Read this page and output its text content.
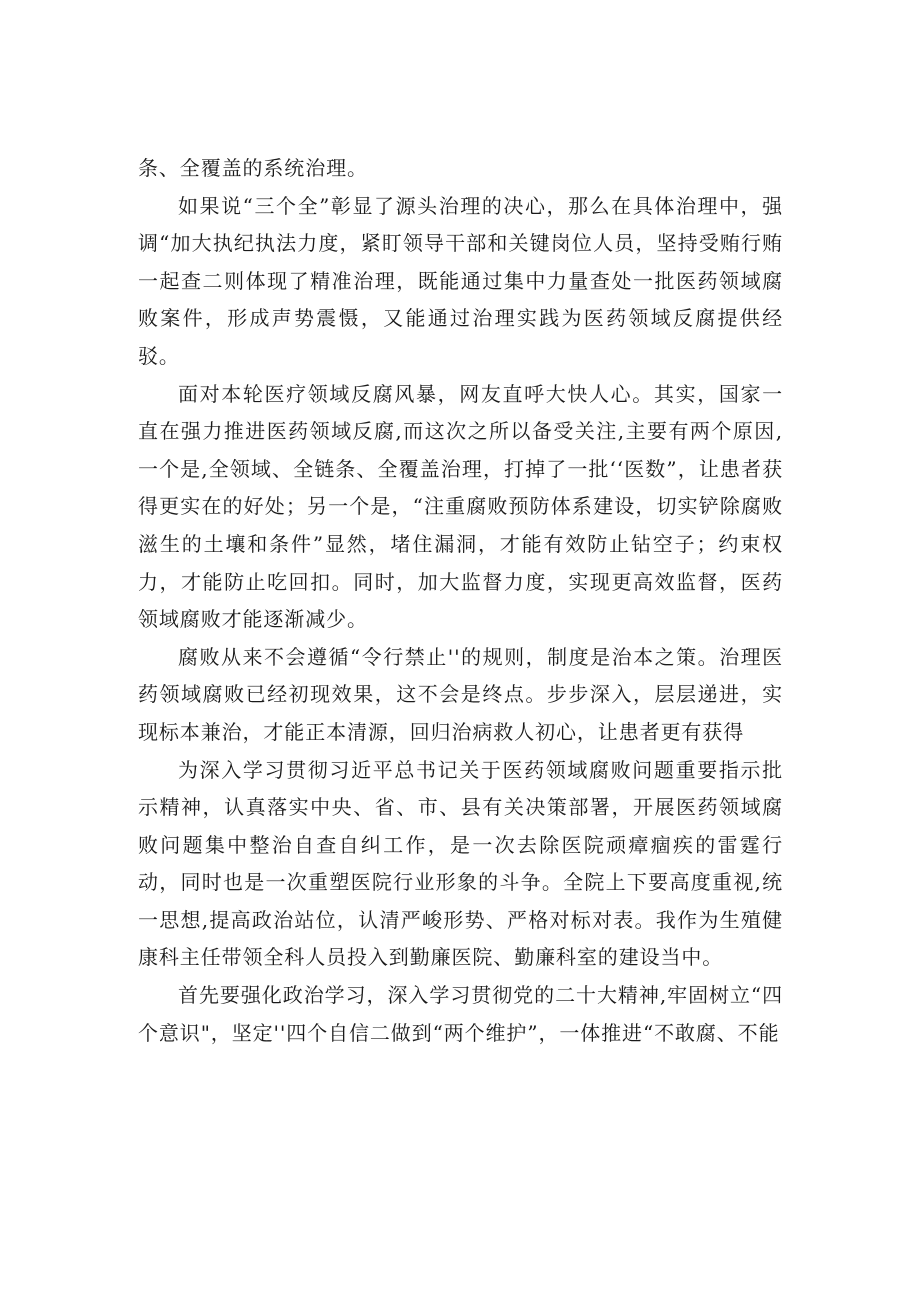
条、全覆盖的系统治理。

如果说“三个全”彰显了源头治理的决心，那么在具体治理中，强调“加大执纪执法力度，紧盯领导干部和关键岗位人员，坚持受贿行贿一起查二则体现了精准治理，既能通过集中力量查处一批医药领域腐败案件，形成声势震慑，又能通过治理实践为医药领域反腐提供经驳。

面对本轮医疗领域反腐风暴，网友直呼大快人心。其实，国家一直在强力推进医药领域反腐,而这次之所以备受关注,主要有两个原因,一个是,全领域、全链条、全覆盖治理，打掉了一批‘‘医数”，让患者获得更实在的好处；另一个是，“注重腐败预防体系建设，切实铲除腐败滋生的土壤和条件”显然，堵住漏洞，才能有效防止钻空子；约束权力，才能防止吃回扣。同时，加大监督力度，实现更高效监督，医药领域腐败才能逐渐减少。

腐败从来不会遵循“令行禁止''的规则，制度是治本之策。治理医药领域腐败已经初现效果，这不会是终点。步步深入，层层递进，实现标本兼治，才能正本清源，回归治病救人初心，让患者更有获得

为深入学习贯彻习近平总书记关于医药领域腐败问题重要指示批示精神，认真落实中央、省、市、县有关决策部署，开展医药领域腐败问题集中整治自查自纠工作，是一次去除医院顽瘴痼疾的雷霆行动，同时也是一次重塑医院行业形象的斗争。全院上下要高度重视,统一思想,提高政治站位，认清严峻形势、严格对标对表。我作为生殖健康科主任带领全科人员投入到勤廉医院、勤廉科室的建设当中。

首先要强化政治学习，深入学习贯彻党的二十大精神,牢固树立“四个意识"，坚定''四个自信二做到“两个维护”，一体推进“不敢腐、不能
